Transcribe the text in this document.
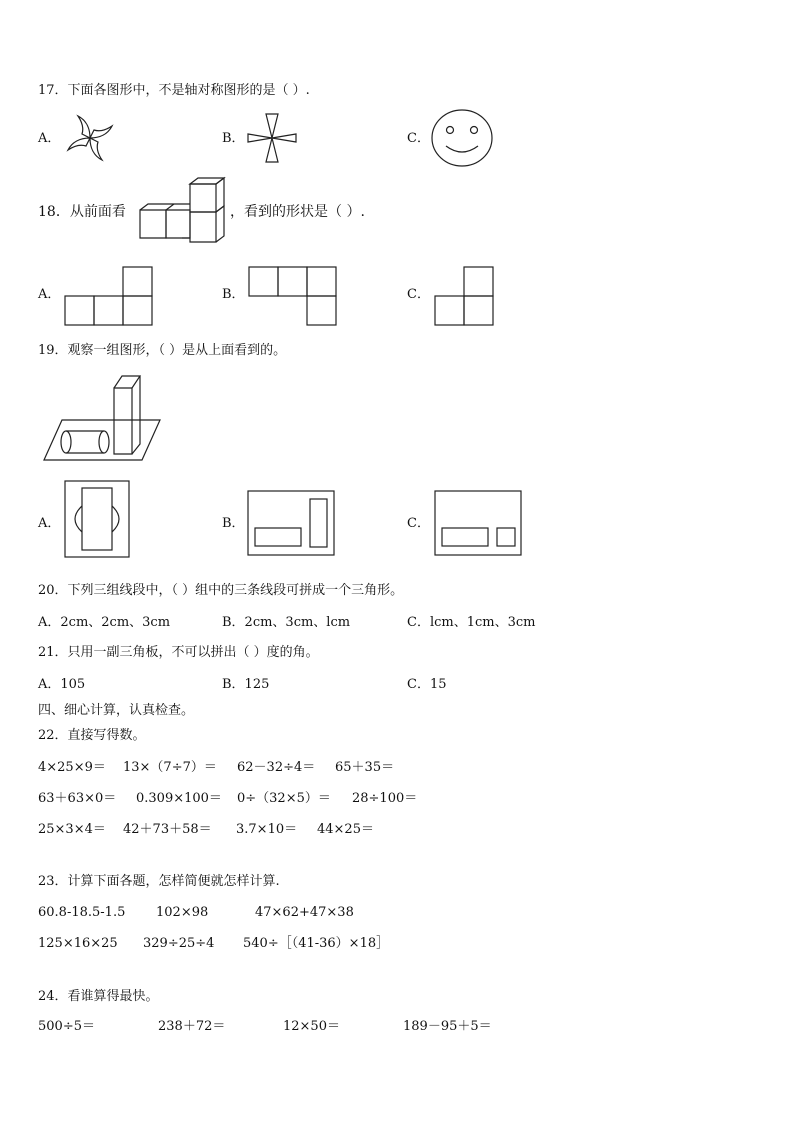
17．下面各图形中，不是轴对称图形的是（ ）.
A．	B．	C．
18．从前面看	，看到的形状是（ ）.
A．	B．	C．
19．观察一组图形，（ ）是从上面看到的。
A．	B．	C．
20．下列三组线段中，（ ）组中的三条线段可拼成一个三角形。
A．2cm、2cm、3cm	B．2cm、3cm、lcm	C．lcm、1cm、3cm
21．只用一副三角板，不可以拼出（ ）度的角。
A．105	B．125	C．15
四、细心计算，认真检查。
22．直接写得数。
4×25×9＝ 13×（7÷7）＝ 62－32÷4＝ 65＋35＝
63＋63×0＝ 0.309×100＝ 0÷（32×5）＝ 28÷100＝
25×3×4＝ 42＋73＋58＝ 3.7×10＝ 44×25＝
23．计算下面各题，怎样简便就怎样计算.
60.8-18.5-1.5 102×98	47×62+47×38
125×16×25 329÷25÷4 540÷［（41-36）×18］
24．看谁算得最快。
500÷5＝	238＋72＝	12×50＝	189－95＋5＝
